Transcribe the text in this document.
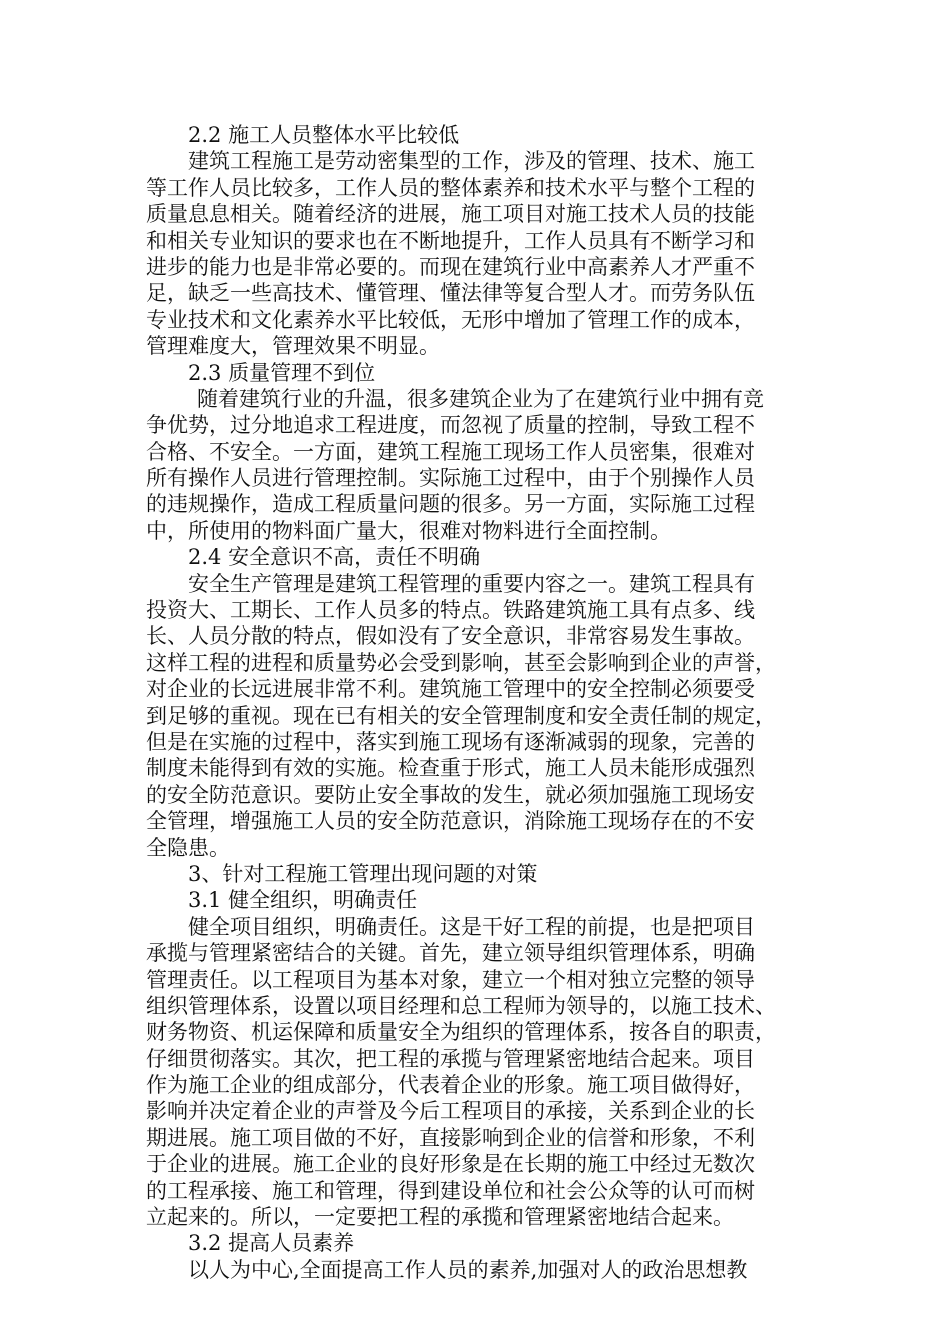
2.2 施工人员整体水平比较低
建筑工程施工是劳动密集型的工作，涉及的管理、技术、施工
等工作人员比较多，工作人员的整体素养和技术水平与整个工程的
质量息息相关。随着经济的进展，施工项目对施工技术人员的技能
和相关专业知识的要求也在不断地提升，工作人员具有不断学习和
进步的能力也是非常必要的。而现在建筑行业中高素养人才严重不
足，缺乏一些高技术、懂管理、懂法律等复合型人才。而劳务队伍
专业技术和文化素养水平比较低，无形中增加了管理工作的成本，
管理难度大，管理效果不明显。
2.3 质量管理不到位
随着建筑行业的升温，很多建筑企业为了在建筑行业中拥有竞
争优势，过分地追求工程进度，而忽视了质量的控制，导致工程不
合格、不安全。一方面，建筑工程施工现场工作人员密集，很难对
所有操作人员进行管理控制。实际施工过程中，由于个别操作人员
的违规操作，造成工程质量问题的很多。另一方面，实际施工过程
中，所使用的物料面广量大，很难对物料进行全面控制。
2.4 安全意识不高，责任不明确
安全生产管理是建筑工程管理的重要内容之一。建筑工程具有
投资大、工期长、工作人员多的特点。铁路建筑施工具有点多、线
长、人员分散的特点，假如没有了安全意识，非常容易发生事故。
这样工程的进程和质量势必会受到影响，甚至会影响到企业的声誉，
对企业的长远进展非常不利。建筑施工管理中的安全控制必须要受
到足够的重视。现在已有相关的安全管理制度和安全责任制的规定，
但是在实施的过程中，落实到施工现场有逐渐减弱的现象，完善的
制度未能得到有效的实施。检查重于形式，施工人员未能形成强烈
的安全防范意识。要防止安全事故的发生，就必须加强施工现场安
全管理，增强施工人员的安全防范意识，消除施工现场存在的不安
全隐患。
3、针对工程施工管理出现问题的对策
3.1 健全组织，明确责任
健全项目组织，明确责任。这是干好工程的前提，也是把项目
承揽与管理紧密结合的关键。首先，建立领导组织管理体系，明确
管理责任。以工程项目为基本对象，建立一个相对独立完整的领导
组织管理体系，设置以项目经理和总工程师为领导的，以施工技术、
财务物资、机运保障和质量安全为组织的管理体系，按各自的职责，
仔细贯彻落实。其次，把工程的承揽与管理紧密地结合起来。项目
作为施工企业的组成部分，代表着企业的形象。施工项目做得好，
影响并决定着企业的声誉及今后工程项目的承接，关系到企业的长
期进展。施工项目做的不好，直接影响到企业的信誉和形象，不利
于企业的进展。施工企业的良好形象是在长期的施工中经过无数次
的工程承接、施工和管理，得到建设单位和社会公众等的认可而树
立起来的。所以，一定要把工程的承揽和管理紧密地结合起来。
3.2 提高人员素养
以人为中心,全面提高工作人员的素养,加强对人的政治思想教
